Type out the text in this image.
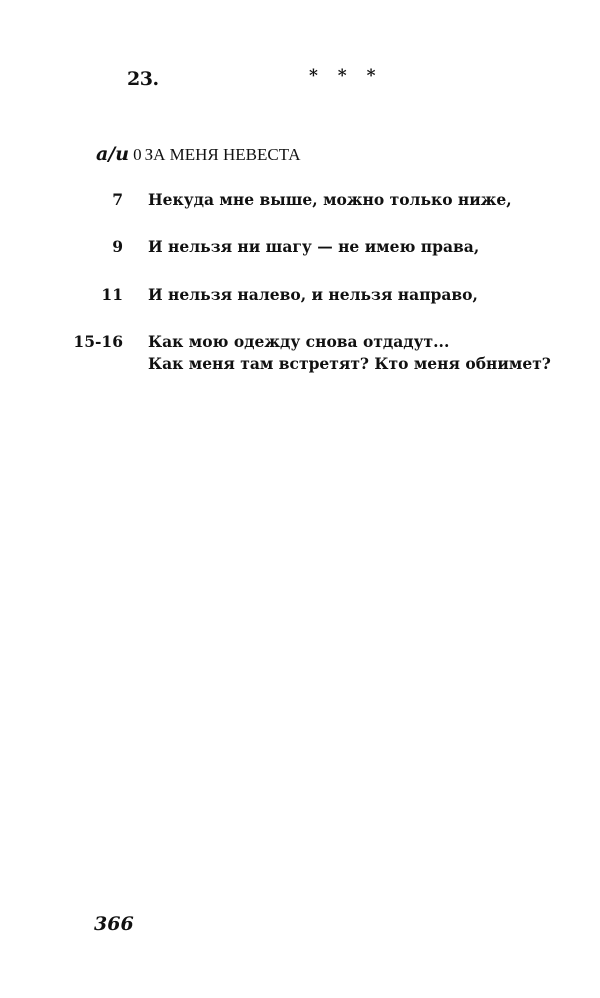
23.	* * *
а/и 0 ЗА МЕНЯ НЕВЕСТА
7 Некуда мне выше, можно только ниже,
9 И нельзя ни шагу — не имею права,
11 И нельзя налево, и нельзя направо,
15-16 Как мою одежду снова отдадут...
Как меня там встретят? Кто меня обнимет?
366
